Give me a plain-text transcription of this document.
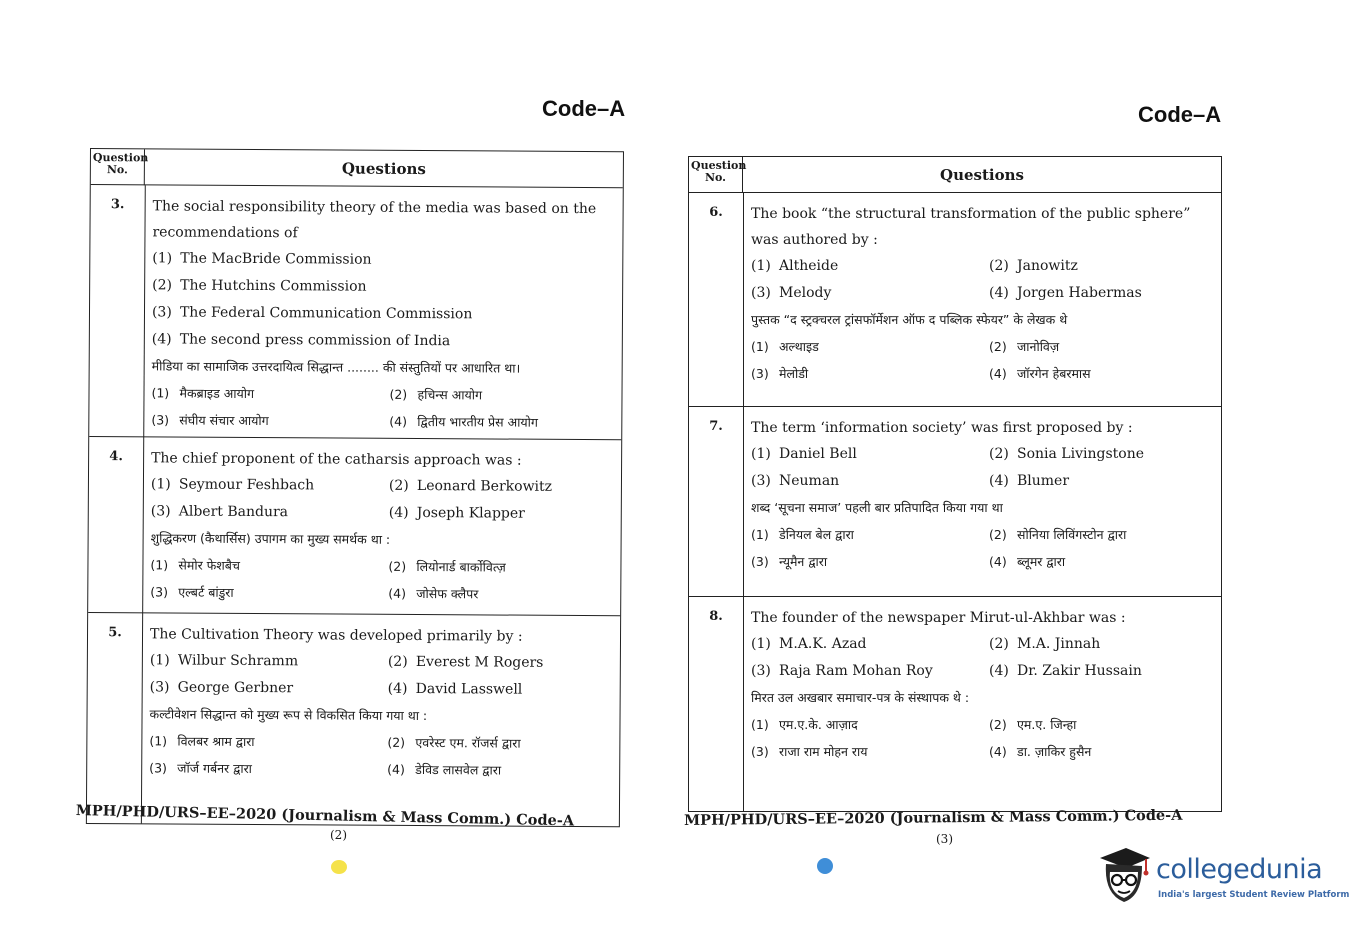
Code–A
Question No.	Questions
3.	The social responsibility theory of the media was based on the recommendations of
(1) The MacBride Commission
(2) The Hutchins Commission
(3) The Federal Communication Commission
(4) The second press commission of India
मीडिया का सामाजिक उत्तरदायित्व सिद्धान्त ........ की संस्तुतियों पर आधारित था।
(1) मैकब्राइड आयोग	(2) हचिन्स आयोग
(3) संघीय संचार आयोग	(4) द्वितीय भारतीय प्रेस आयोग
4.	The chief proponent of the catharsis approach was :
(1) Seymour Feshbach	(2) Leonard Berkowitz
(3) Albert Bandura	(4) Joseph Klapper
शुद्धिकरण (कैथार्सिस) उपागम का मुख्य समर्थक था :
(1) सेमोर फेशबैच	(2) लियोनार्ड बार्कोवित्ज़
(3) एल्बर्ट बांडुरा	(4) जोसेफ क्लैपर
5.	The Cultivation Theory was developed primarily by :
(1) Wilbur Schramm	(2) Everest M Rogers
(3) George Gerbner	(4) David Lasswell
कल्टीवेशन सिद्धान्त को मुख्य रूप से विकसित किया गया था :
(1) विलबर श्राम द्वारा	(2) एवरेस्ट एम. रॉजर्स द्वारा
(3) जॉर्ज गर्बनर द्वारा	(4) डेविड लासवेल द्वारा
MPH/PHD/URS–EE–2020 (Journalism & Mass Comm.) Code-A
(2)
Code–A
Question No.	Questions
6.	The book “the structural transformation of the public sphere” was authored by :
(1) Altheide	(2) Janowitz
(3) Melody	(4) Jorgen Habermas
पुस्तक “द स्ट्रक्चरल ट्रांसफॉर्मेशन ऑफ द पब्लिक स्फेयर” के लेखक थे
(1) अल्थाइड	(2) जानोविज़
(3) मेलोडी	(4) जॉरगेन हेबरमास
7.	The term ‘information society’ was first proposed by :
(1) Daniel Bell	(2) Sonia Livingstone
(3) Neuman	(4) Blumer
शब्द ‘सूचना समाज’ पहली बार प्रतिपादित किया गया था
(1) डेनियल बेल द्वारा	(2) सोनिया लिविंगस्टोन द्वारा
(3) न्यूमैन द्वारा	(4) ब्लूमर द्वारा
8.	The founder of the newspaper Mirut-ul-Akhbar was :
(1) M.A.K. Azad	(2) M.A. Jinnah
(3) Raja Ram Mohan Roy	(4) Dr. Zakir Hussain
मिरत उल अखबार समाचार-पत्र के संस्थापक थे :
(1) एम.ए.के. आज़ाद	(2) एम.ए. जिन्हा
(3) राजा राम मोहन राय	(4) डा. ज़ाकिर हुसैन
MPH/PHD/URS–EE–2020 (Journalism & Mass Comm.) Code-A
(3)
collegedunia
India's largest Student Review Platform
